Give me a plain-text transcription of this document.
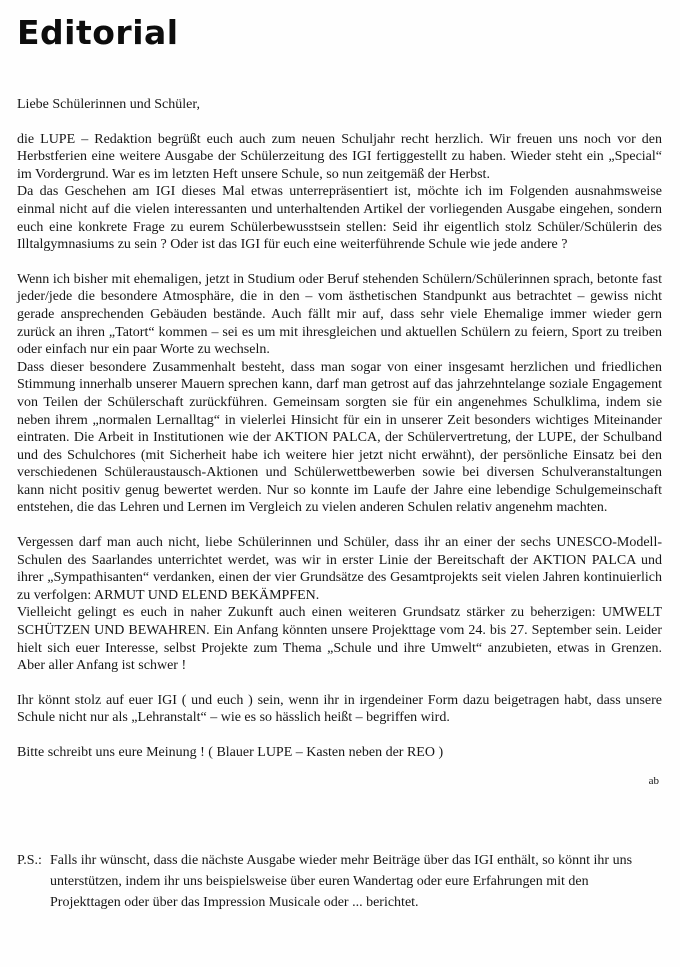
Editorial

Liebe Schülerinnen und Schüler,

die LUPE – Redaktion begrüßt euch auch zum neuen Schuljahr recht herzlich. Wir freuen uns noch vor den Herbstferien eine weitere Ausgabe der Schülerzeitung des IGI fertiggestellt zu haben. Wieder steht ein „Special“ im Vordergrund. War es im letzten Heft unsere Schule, so nun zeitgemäß der Herbst.

Da das Geschehen am IGI dieses Mal etwas unterrepräsentiert ist, möchte ich im Folgenden ausnahmsweise einmal nicht auf die vielen interessanten und unterhaltenden Artikel der vorliegenden Ausgabe eingehen, sondern euch eine konkrete Frage zu eurem Schülerbewusstsein stellen: Seid ihr eigentlich stolz Schüler/Schülerin des Illtalgymnasiums zu sein ? Oder ist das IGI für euch eine weiterführende Schule wie jede andere ?

Wenn ich bisher mit ehemaligen, jetzt in Studium oder Beruf stehenden Schülern/Schülerinnen sprach, betonte fast jeder/jede die besondere Atmosphäre, die in den – vom ästhetischen Standpunkt aus betrachtet – gewiss nicht gerade ansprechenden Gebäuden bestände. Auch fällt mir auf, dass sehr viele Ehemalige immer wieder gern zurück an ihren „Tatort“ kommen – sei es um mit ihresgleichen und aktuellen Schülern zu feiern, Sport zu treiben oder einfach nur ein paar Worte zu wechseln.

Dass dieser besondere Zusammenhalt besteht, dass man sogar von einer insgesamt herzlichen und friedlichen Stimmung innerhalb unserer Mauern sprechen kann, darf man getrost auf das jahrzehntelange soziale Engagement von Teilen der Schülerschaft zurückführen. Gemeinsam sorgten sie für ein angenehmes Schulklima, indem sie neben ihrem „normalen Lernalltag“ in vielerlei Hinsicht für ein in unserer Zeit besonders wichtiges Miteinander eintraten. Die Arbeit in Institutionen wie der AKTION PALCA, der Schülervertretung, der LUPE, der Schulband und des Schulchores (mit Sicherheit habe ich weitere hier jetzt nicht erwähnt), der persönliche Einsatz bei den verschiedenen Schüleraustausch-Aktionen und Schülerwettbewerben sowie bei diversen Schulveranstaltungen kann nicht positiv genug bewertet werden. Nur so konnte im Laufe der Jahre eine lebendige Schulgemeinschaft entstehen, die das Lehren und Lernen im Vergleich zu vielen anderen Schulen relativ angenehm machten.

Vergessen darf man auch nicht, liebe Schülerinnen und Schüler, dass ihr an einer der sechs UNESCO-Modell-Schulen des Saarlandes unterrichtet werdet, was wir in erster Linie der Bereitschaft der AKTION PALCA und ihrer „Sympathisanten“ verdanken, einen der vier Grundsätze des Gesamtprojekts seit vielen Jahren kontinuierlich zu verfolgen: ARMUT UND ELEND BEKÄMPFEN.

Vielleicht gelingt es euch in naher Zukunft auch einen weiteren Grundsatz stärker zu beherzigen: UMWELT SCHÜTZEN UND BEWAHREN. Ein Anfang könnten unsere Projekttage vom 24. bis 27. September sein. Leider hielt sich euer Interesse, selbst Projekte zum Thema „Schule und ihre Umwelt“ anzubieten, etwas in Grenzen. Aber aller Anfang ist schwer !

Ihr könnt stolz auf euer IGI ( und euch ) sein, wenn ihr in irgendeiner Form dazu beigetragen habt, dass unsere Schule nicht nur als „Lehranstalt“ – wie es so hässlich heißt – begriffen wird.

Bitte schreibt uns eure Meinung ! ( Blauer LUPE – Kasten neben der REO )

ab

P.S.: Falls ihr wünscht, dass die nächste Ausgabe wieder mehr Beiträge über das IGI enthält, so könnt ihr uns unterstützen, indem ihr uns beispielsweise über euren Wandertag oder eure Erfahrungen mit den Projekttagen oder über das Impression Musicale oder ... berichtet.
